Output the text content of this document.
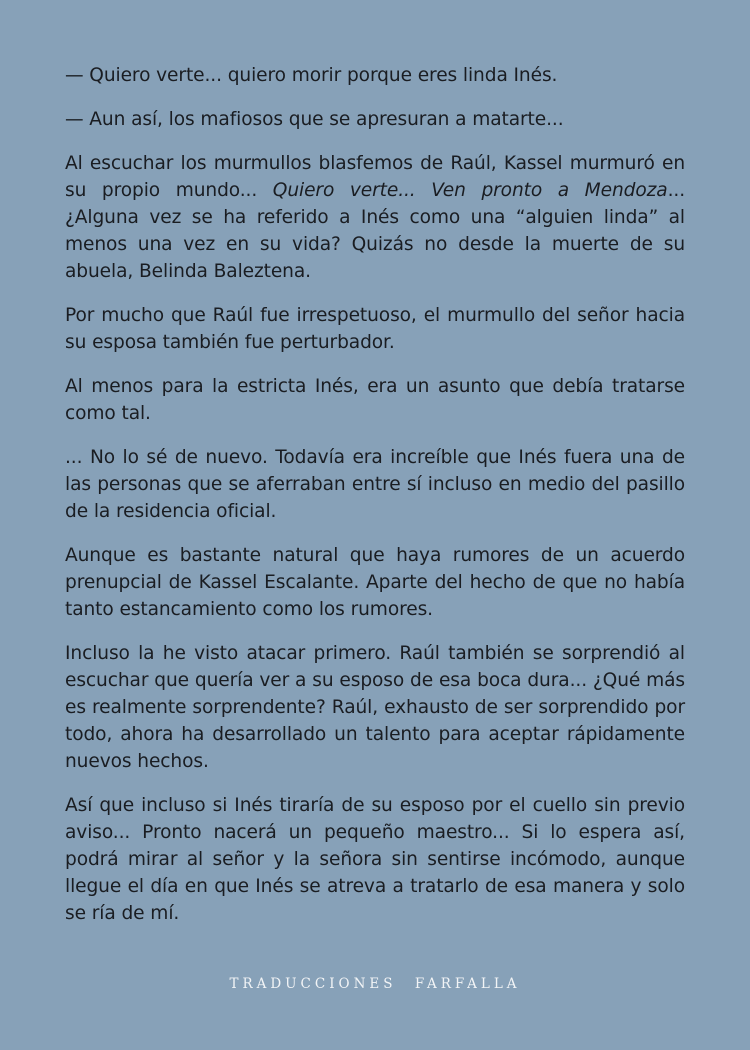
— Quiero verte... quiero morir porque eres linda Inés.

— Aun así, los mafiosos que se apresuran a matarte...

Al escuchar los murmullos blasfemos de Raúl, Kassel murmuró en su propio mundo... Quiero verte... Ven pronto a Mendoza... ¿Alguna vez se ha referido a Inés como una “alguien linda” al menos una vez en su vida? Quizás no desde la muerte de su abuela, Belinda Baleztena.

Por mucho que Raúl fue irrespetuoso, el murmullo del señor hacia su esposa también fue perturbador.

Al menos para la estricta Inés, era un asunto que debía tratarse como tal.

... No lo sé de nuevo. Todavía era increíble que Inés fuera una de las personas que se aferraban entre sí incluso en medio del pasillo de la residencia oficial.

Aunque es bastante natural que haya rumores de un acuerdo prenupcial de Kassel Escalante. Aparte del hecho de que no había tanto estancamiento como los rumores.

Incluso la he visto atacar primero. Raúl también se sorprendió al escuchar que quería ver a su esposo de esa boca dura... ¿Qué más es realmente sorprendente? Raúl, exhausto de ser sorprendido por todo, ahora ha desarrollado un talento para aceptar rápidamente nuevos hechos.

Así que incluso si Inés tiraría de su esposo por el cuello sin previo aviso... Pronto nacerá un pequeño maestro... Si lo espera así, podrá mirar al señor y la señora sin sentirse incómodo, aunque llegue el día en que Inés se atreva a tratarlo de esa manera y solo se ría de mí.

TRADUCCIONES FARFALLA
